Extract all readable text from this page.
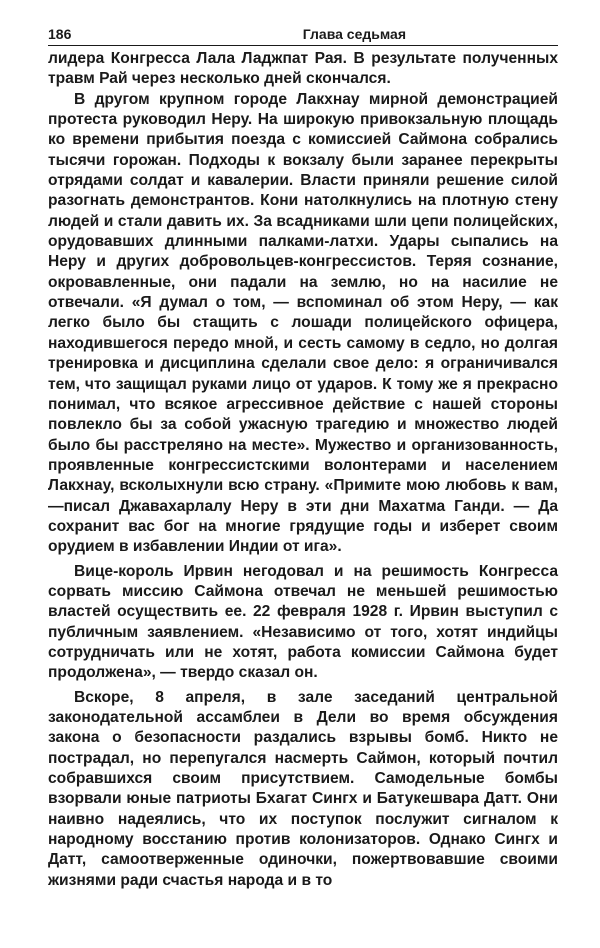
186	Глава седьмая

лидера Конгресса Лала Ладжпат Рая. В результате полученных травм Рай через несколько дней скончался.

В другом крупном городе Лакхнау мирной демонстрацией протеста руководил Неру. На широкую привокзальную площадь ко времени прибытия поезда с комиссией Саймона собрались тысячи горожан. Подходы к вокзалу были заранее перекрыты отрядами солдат и кавалерии. Власти приняли решение силой разогнать демонстрантов. Кони натолкнулись на плотную стену людей и стали давить их. За всадниками шли цепи полицейских, орудовавших длинными палками-латхи. Удары сыпались на Неру и других добровольцев-конгрессистов. Теряя сознание, окровавленные, они падали на землю, но на насилие не отвечали. «Я думал о том, — вспоминал об этом Неру, — как легко было бы стащить с лошади полицейского офицера, находившегося передо мной, и сесть самому в седло, но долгая тренировка и дисциплина сделали свое дело: я ограничивался тем, что защищал руками лицо от ударов. К тому же я прекрасно понимал, что всякое агрессивное действие с нашей стороны повлекло бы за собой ужасную трагедию и множество людей было бы расстреляно на месте». Мужество и организованность, проявленные конгрессистскими волонтерами и населением Лакхнау, всколыхнули всю страну. «Примите мою любовь к вам,—писал Джавахарлалу Неру в эти дни Махатма Ганди. — Да сохранит вас бог на многие грядущие годы и изберет своим орудием в избавлении Индии от ига».

Вице-король Ирвин негодовал и на решимость Конгресса сорвать миссию Саймона отвечал не меньшей решимостью властей осуществить ее. 22 февраля 1928 г. Ирвин выступил с публичным заявлением. «Независимо от того, хотят индийцы сотрудничать или не хотят, работа комиссии Саймона будет продолжена», — твердо сказал он.

Вскоре, 8 апреля, в зале заседаний центральной законодательной ассамблеи в Дели во время обсуждения закона о безопасности раздались взрывы бомб. Никто не пострадал, но перепугался насмерть Саймон, который почтил собравшихся своим присутствием. Самодельные бомбы взорвали юные патриоты Бхагат Сингх и Батукешвара Датт. Они наивно надеялись, что их поступок послужит сигналом к народному восстанию против колонизаторов. Однако Сингх и Датт, самоотверженные одиночки, пожертвовавшие своими жизнями ради счастья народа и в то
